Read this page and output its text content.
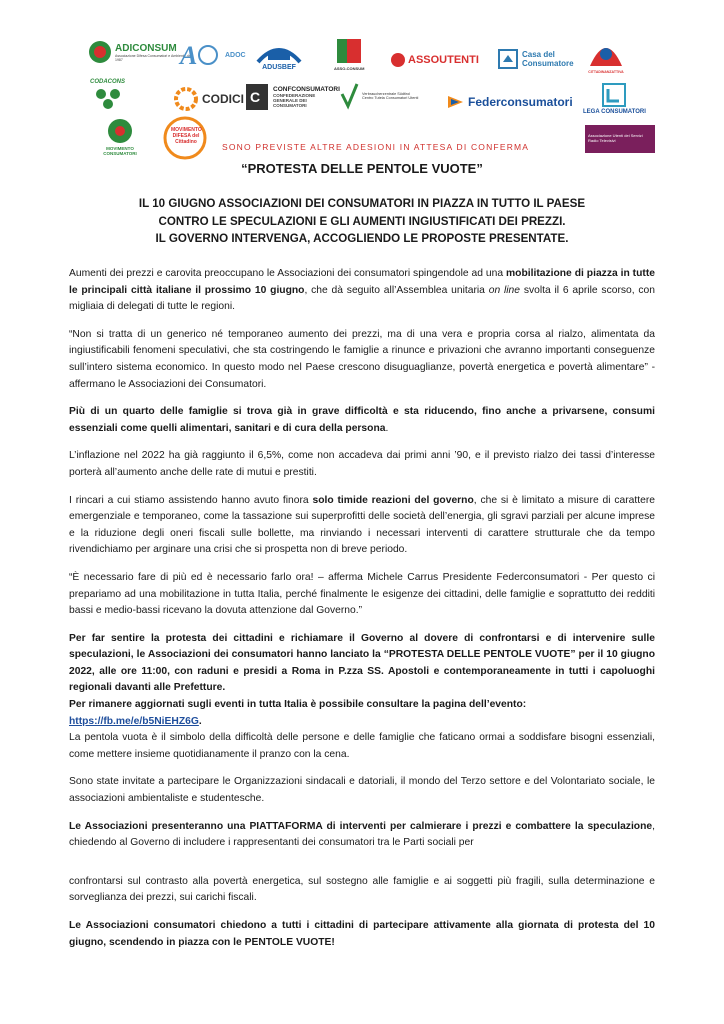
ADICONSUM
Associazione Difesa Consumatori e Ambiente dal 1987	A	ADOC
ADUSBEF	ASSO-CONSUM
ASSOUTENTI	Casa del Consumatore
CITTADINANZATTIVA
CODACONS
CODICI C CONFCONSUMATORI
CONFEDERAZIONE GENERALE DEI CONSUMATORI
Verbraucherzentrale Südtirol
Centro Tutela Consumatori Utenti	Federconsumatori
LEGA CONSUMATORI
MOVIMENTO CONSUMATORI
MOVIMENTO DIFESA del Cittadino
Associazione Utenti dei Servizi Radio Televisivi
SONO PREVISTE ALTRE ADESIONI IN ATTESA DI CONFERMA
“PROTESTA DELLE PENTOLE VUOTE”
IL 10 GIUGNO ASSOCIAZIONI DEI CONSUMATORI IN PIAZZA IN TUTTO IL PAESE
CONTRO LE SPECULAZIONI E GLI AUMENTI INGIUSTIFICATI DEI PREZZI.
IL GOVERNO INTERVENGA, ACCOGLIENDO LE PROPOSTE PRESENTATE.

Aumenti dei prezzi e carovita preoccupano le Associazioni dei consumatori spingendole ad una mobilitazione di piazza in tutte le principali città italiane il prossimo 10 giugno, che dà seguito all’Assemblea unitaria on line svolta il 6 aprile scorso, con migliaia di delegati di tutte le regioni.

“Non si tratta di un generico né temporaneo aumento dei prezzi, ma di una vera e propria corsa al rialzo, alimentata da ingiustificabili fenomeni speculativi, che sta costringendo le famiglie a rinunce e privazioni che avranno importanti conseguenze sull’intero sistema economico. In questo modo nel Paese crescono disuguaglianze, povertà energetica e povertà alimentare” - affermano le Associazioni dei Consumatori.

Più di un quarto delle famiglie si trova già in grave difficoltà e sta riducendo, fino anche a privarsene, consumi essenziali come quelli alimentari, sanitari e di cura della persona.

L’inflazione nel 2022 ha già raggiunto il 6,5%, come non accadeva dai primi anni ’90, e il previsto rialzo dei tassi d’interesse porterà all’aumento anche delle rate di mutui e prestiti.

I rincari a cui stiamo assistendo hanno avuto finora solo timide reazioni del governo, che si è limitato a misure di carattere emergenziale e temporaneo, come la tassazione sui superprofitti delle società dell’energia, gli sgravi parziali per alcune imprese e la riduzione degli oneri fiscali sulle bollette, ma rinviando i necessari interventi di carattere strutturale che da tempo rivendichiamo per arginare una crisi che si prospetta non di breve periodo.

“È necessario fare di più ed è necessario farlo ora! – afferma Michele Carrus Presidente Federconsumatori - Per questo ci prepariamo ad una mobilitazione in tutta Italia, perché finalmente le esigenze dei cittadini, delle famiglie e soprattutto dei redditi bassi e medio-bassi ricevano la dovuta attenzione dal Governo.”

Per far sentire la protesta dei cittadini e richiamare il Governo al dovere di confrontarsi e di intervenire sulle speculazioni, le Associazioni dei consumatori hanno lanciato la “PROTESTA DELLE PENTOLE VUOTE” per il 10 giugno 2022, alle ore 11:00, con raduni e presidi a Roma in P.zza SS. Apostoli e contemporaneamente in tutti i capoluoghi regionali davanti alle Prefetture.

Per rimanere aggiornati sugli eventi in tutta Italia è possibile consultare la pagina dell’evento:
https://fb.me/e/b5NiEHZ6G.

La pentola vuota è il simbolo della difficoltà delle persone e delle famiglie che faticano ormai a soddisfare bisogni essenziali, come mettere insieme quotidianamente il pranzo con la cena.

Sono state invitate a partecipare le Organizzazioni sindacali e datoriali, il mondo del Terzo settore e del Volontariato sociale, le associazioni ambientaliste e studentesche.

Le Associazioni presenteranno una PIATTAFORMA di interventi per calmierare i prezzi e combattere la speculazione, chiedendo al Governo di includere i rappresentanti dei consumatori tra le Parti sociali per

confrontarsi sul contrasto alla povertà energetica, sul sostegno alle famiglie e ai soggetti più fragili, sulla determinazione e sorveglianza dei prezzi, sui carichi fiscali.

Le Associazioni consumatori chiedono a tutti i cittadini di partecipare attivamente alla giornata di protesta del 10 giugno, scendendo in piazza con le PENTOLE VUOTE!
